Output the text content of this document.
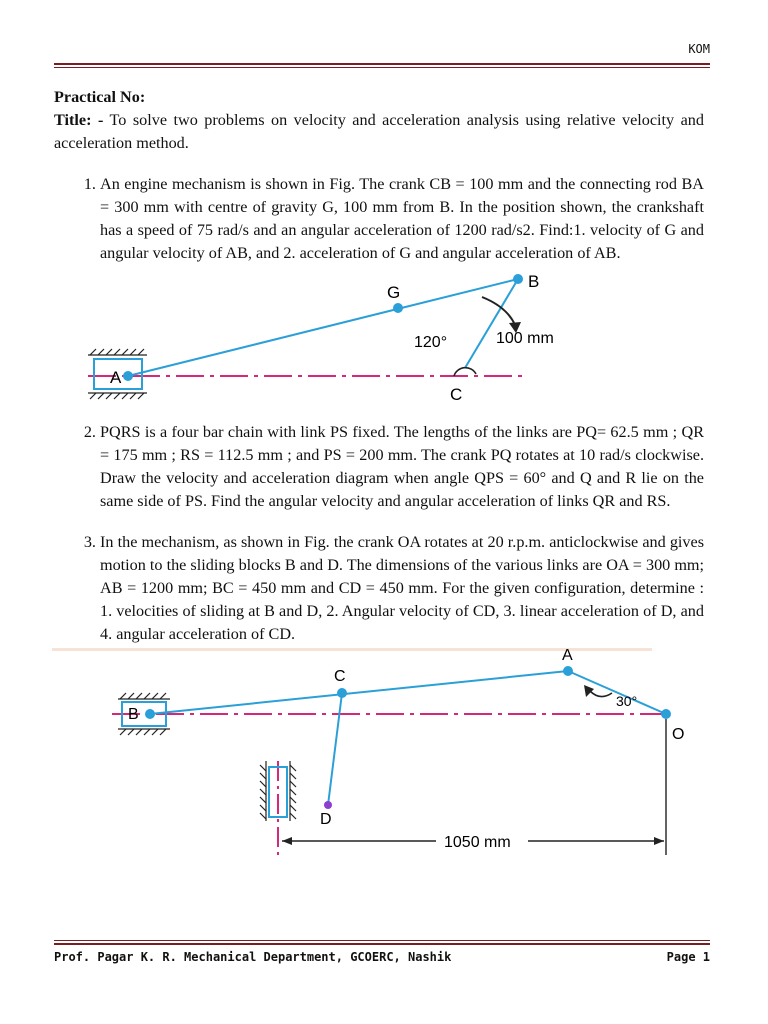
KOM
Practical No:

Title: - To solve two problems on velocity and acceleration analysis using relative velocity and acceleration method.

1. An engine mechanism is shown in Fig. The crank CB = 100 mm and the connecting rod BA = 300 mm with centre of gravity G, 100 mm from B. In the position shown, the crankshaft has a speed of 75 rad/s and an angular acceleration of 1200 rad/s2. Find:1. velocity of G and angular velocity of AB, and 2. acceleration of G and angular acceleration of AB.
A
G
B
C
120°	100 mm
2. PQRS is a four bar chain with link PS fixed. The lengths of the links are PQ= 62.5 mm ; QR = 175 mm ; RS = 112.5 mm ; and PS = 200 mm. The crank PQ rotates at 10 rad/s clockwise. Draw the velocity and acceleration diagram when angle QPS = 60° and Q and R lie on the same side of PS. Find the angular velocity and angular acceleration of links QR and RS.
3. In the mechanism, as shown in Fig. the crank OA rotates at 20 r.p.m. anticlockwise and gives motion to the sliding blocks B and D. The dimensions of the various links are OA = 300 mm; AB = 1200 mm; BC = 450 mm and CD = 450 mm. For the given configuration, determine : 1. velocities of sliding at B and D, 2. Angular velocity of CD, 3. linear acceleration of D, and 4. angular acceleration of CD.
B
C
A
O
D
30°
1050 mm
Prof. Pagar K. R. Mechanical Department, GCOERC, Nashik	Page 1
